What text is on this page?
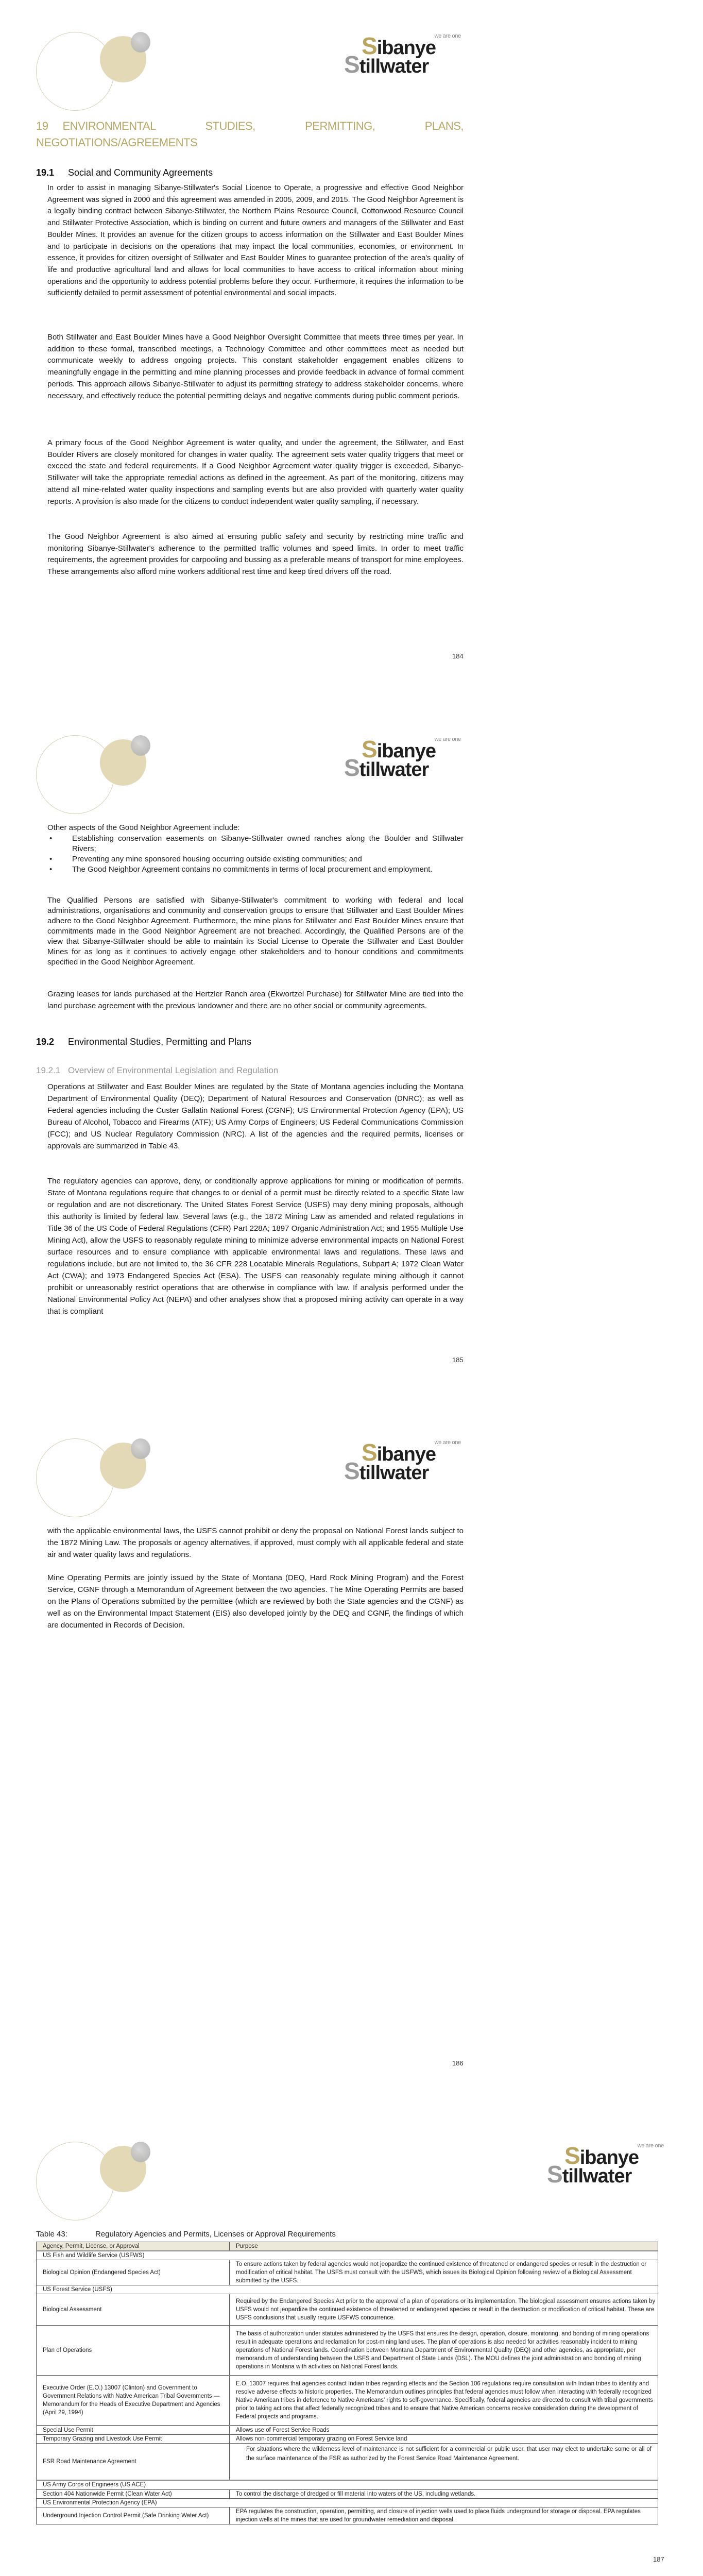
we are one
Sibanye
Stillwater
19 ENVIRONMENTAL STUDIES, PERMITTING, PLANS, NEGOTIATIONS/AGREEMENTS
19.1 Social and Community Agreements

In order to assist in managing Sibanye-Stillwater's Social Licence to Operate, a progressive and effective Good Neighbor Agreement was signed in 2000 and this agreement was amended in 2005, 2009, and 2015. The Good Neighbor Agreement is a legally binding contract between Sibanye-Stillwater, the Northern Plains Resource Council, Cottonwood Resource Council and Stillwater Protective Association, which is binding on current and future owners and managers of the Stillwater and East Boulder Mines. It provides an avenue for the citizen groups to access information on the Stillwater and East Boulder Mines and to participate in decisions on the operations that may impact the local communities, economies, or environment. In essence, it provides for citizen oversight of Stillwater and East Boulder Mines to guarantee protection of the area's quality of life and productive agricultural land and allows for local communities to have access to critical information about mining operations and the opportunity to address potential problems before they occur. Furthermore, it requires the information to be sufficiently detailed to permit assessment of potential environmental and social impacts.

Both Stillwater and East Boulder Mines have a Good Neighbor Oversight Committee that meets three times per year. In addition to these formal, transcribed meetings, a Technology Committee and other committees meet as needed but communicate weekly to address ongoing projects. This constant stakeholder engagement enables citizens to meaningfully engage in the permitting and mine planning processes and provide feedback in advance of formal comment periods. This approach allows Sibanye-Stillwater to adjust its permitting strategy to address stakeholder concerns, where necessary, and effectively reduce the potential permitting delays and negative comments during public comment periods.

A primary focus of the Good Neighbor Agreement is water quality, and under the agreement, the Stillwater, and East Boulder Rivers are closely monitored for changes in water quality. The agreement sets water quality triggers that meet or exceed the state and federal requirements. If a Good Neighbor Agreement water quality trigger is exceeded, Sibanye-Stillwater will take the appropriate remedial actions as defined in the agreement. As part of the monitoring, citizens may attend all mine-related water quality inspections and sampling events but are also provided with quarterly water quality reports. A provision is also made for the citizens to conduct independent water quality sampling, if necessary.

The Good Neighbor Agreement is also aimed at ensuring public safety and security by restricting mine traffic and monitoring Sibanye-Stillwater's adherence to the permitted traffic volumes and speed limits. In order to meet traffic requirements, the agreement provides for carpooling and bussing as a preferable means of transport for mine employees. These arrangements also afford mine workers additional rest time and keep tired drivers off the road.

184
we are one
Sibanye
Stillwater

Other aspects of the Good Neighbor Agreement include:

•	Establishing conservation easements on Sibanye-Stillwater owned ranches along the Boulder and Stillwater Rivers;
•	Preventing any mine sponsored housing occurring outside existing communities; and
•	The Good Neighbor Agreement contains no commitments in terms of local procurement and employment.

The Qualified Persons are satisfied with Sibanye-Stillwater's commitment to working with federal and local administrations, organisations and community and conservation groups to ensure that Stillwater and East Boulder Mines adhere to the Good Neighbor Agreement. Furthermore, the mine plans for Stillwater and East Boulder Mines ensure that commitments made in the Good Neighbor Agreement are not breached. Accordingly, the Qualified Persons are of the view that Sibanye-Stillwater should be able to maintain its Social License to Operate the Stillwater and East Boulder Mines for as long as it continues to actively engage other stakeholders and to honour conditions and commitments specified in the Good Neighbor Agreement.

Grazing leases for lands purchased at the Hertzler Ranch area (Ekwortzel Purchase) for Stillwater Mine are tied into the land purchase agreement with the previous landowner and there are no other social or community agreements.

19.2 Environmental Studies, Permitting and Plans
19.2.1 Overview of Environmental Legislation and Regulation

Operations at Stillwater and East Boulder Mines are regulated by the State of Montana agencies including the Montana Department of Environmental Quality (DEQ); Department of Natural Resources and Conservation (DNRC); as well as Federal agencies including the Custer Gallatin National Forest (CGNF); US Environmental Protection Agency (EPA); US Bureau of Alcohol, Tobacco and Firearms (ATF); US Army Corps of Engineers; US Federal Communications Commission (FCC); and US Nuclear Regulatory Commission (NRC). A list of the agencies and the required permits, licenses or approvals are summarized in Table 43.

The regulatory agencies can approve, deny, or conditionally approve applications for mining or modification of permits. State of Montana regulations require that changes to or denial of a permit must be directly related to a specific State law or regulation and are not discretionary. The United States Forest Service (USFS) may deny mining proposals, although this authority is limited by federal law. Several laws (e.g., the 1872 Mining Law as amended and related regulations in Title 36 of the US Code of Federal Regulations (CFR) Part 228A; 1897 Organic Administration Act; and 1955 Multiple Use Mining Act), allow the USFS to reasonably regulate mining to minimize adverse environmental impacts on National Forest surface resources and to ensure compliance with applicable environmental laws and regulations. These laws and regulations include, but are not limited to, the 36 CFR 228 Locatable Minerals Regulations, Subpart A; 1972 Clean Water Act (CWA); and 1973 Endangered Species Act (ESA). The USFS can reasonably regulate mining although it cannot prohibit or unreasonably restrict operations that are otherwise in compliance with law. If analysis performed under the National Environmental Policy Act (NEPA) and other analyses show that a proposed mining activity can operate in a way that is compliant

185
we are one
Sibanye
Stillwater

with the applicable environmental laws, the USFS cannot prohibit or deny the proposal on National Forest lands subject to the 1872 Mining Law. The proposals or agency alternatives, if approved, must comply with all applicable federal and state air and water quality laws and regulations.

Mine Operating Permits are jointly issued by the State of Montana (DEQ, Hard Rock Mining Program) and the Forest Service, CGNF through a Memorandum of Agreement between the two agencies. The Mine Operating Permits are based on the Plans of Operations submitted by the permittee (which are reviewed by both the State agencies and the CGNF) as well as on the Environmental Impact Statement (EIS) also developed jointly by the DEQ and CGNF, the findings of which are documented in Records of Decision.

186
we are one
Sibanye
Stillwater
Table 43:	Regulatory Agencies and Permits, Licenses or Approval Requirements
Agency, Permit, License, or Approval	Purpose
US Fish and Wildlife Service (USFWS)	
Biological Opinion (Endangered Species Act)	To ensure actions taken by federal agencies would not jeopardize the continued existence of threatened or endangered species or result in the destruction or modification of critical habitat. The USFS must consult with the USFWS, which issues its Biological Opinion following review of a Biological Assessment submitted by the USFS.
US Forest Service (USFS)	
Biological Assessment	Required by the Endangered Species Act prior to the approval of a plan of operations or its implementation. The biological assessment ensures actions taken by USFS would not jeopardize the continued existence of threatened or endangered species or result in the destruction or modification of critical habitat. These are USFS conclusions that usually require USFWS concurrence.
Plan of Operations	The basis of authorization under statutes administered by the USFS that ensures the design, operation, closure, monitoring, and bonding of mining operations result in adequate operations and reclamation for post-mining land uses. The plan of operations is also needed for activities reasonably incident to mining operations of National Forest lands. Coordination between Montana Department of Environmental Quality (DEQ) and other agencies, as appropriate, per memorandum of understanding between the USFS and Department of State Lands (DSL). The MOU defines the joint administration and bonding of mining operations in Montana with activities on National Forest lands.
Executive Order (E.O.) 13007 (Clinton) and Government to Government Relations with Native American Tribal Governments — Memorandum for the Heads of Executive Department and Agencies (April 29, 1994)	E.O. 13007 requires that agencies contact Indian tribes regarding effects and the Section 106 regulations require consultation with Indian tribes to identify and resolve adverse effects to historic properties. The Memorandum outlines principles that federal agencies must follow when interacting with federally recognized Native American tribes in deference to Native Americans' rights to self-governance. Specifically, federal agencies are directed to consult with tribal governments prior to taking actions that affect federally recognized tribes and to ensure that Native American concerns receive consideration during the development of Federal projects and programs.
Special Use Permit	Allows use of Forest Service Roads
Temporary Grazing and Livestock Use Permit	Allows non-commercial temporary grazing on Forest Service land
FSR Road Maintenance Agreement	For situations where the wilderness level of maintenance is not sufficient for a commercial or public user, that user may elect to undertake some or all of the surface maintenance of the FSR as authorized by the Forest Service Road Maintenance Agreement.
US Army Corps of Engineers (US ACE)	
Section 404 Nationwide Permit (Clean Water Act)	To control the discharge of dredged or fill material into waters of the US, including wetlands.
US Environmental Protection Agency (EPA)	
Underground Injection Control Permit (Safe Drinking Water Act)	EPA regulates the construction, operation, permitting, and closure of injection wells used to place fluids underground for storage or disposal. EPA regulates injection wells at the mines that are used for groundwater remediation and disposal.
187
